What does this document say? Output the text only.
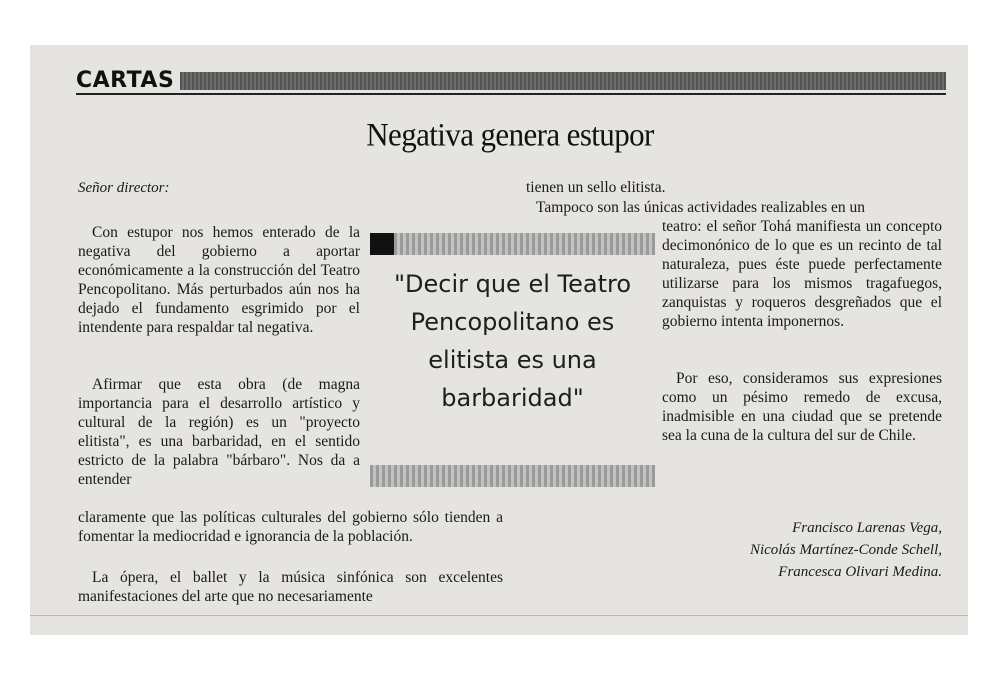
CARTAS
Negativa genera estupor
Señor director:

Con estupor nos hemos enterado de la negativa del gobierno a aportar económicamente a la construcción del Teatro Pencopolitano. Más perturbados aún nos ha dejado el fundamento esgrimido por el intendente para respaldar tal negativa.

Afirmar que esta obra (de magna importancia para el desarrollo artístico y cultural de la región) es un "proyecto elitista", es una barbaridad, en el sentido estricto de la palabra "bárbaro". Nos da a entender

claramente que las políticas culturales del gobierno sólo tienden a fomentar la mediocridad e ignorancia de la población.

La ópera, el ballet y la música sinfónica son excelentes manifestaciones del arte que no necesariamente

tienen un sello elitista.

Tampoco son las únicas actividades realizables en un

teatro: el señor Tohá manifiesta un concepto decimonónico de lo que es un recinto de tal naturaleza, pues éste puede perfectamente utilizarse para los mismos tragafuegos, zanquistas y roqueros desgreñados que el gobierno intenta imponernos.

Por eso, consideramos sus expresiones como un pésimo remedo de excusa, inadmisible en una ciudad que se pretende sea la cuna de la cultura del sur de Chile.

"Decir que el Teatro Pencopolitano es elitista es una barbaridad"
Francisco Larenas Vega,
Nicolás Martínez-Conde Schell,
Francesca Olivari Medina.
